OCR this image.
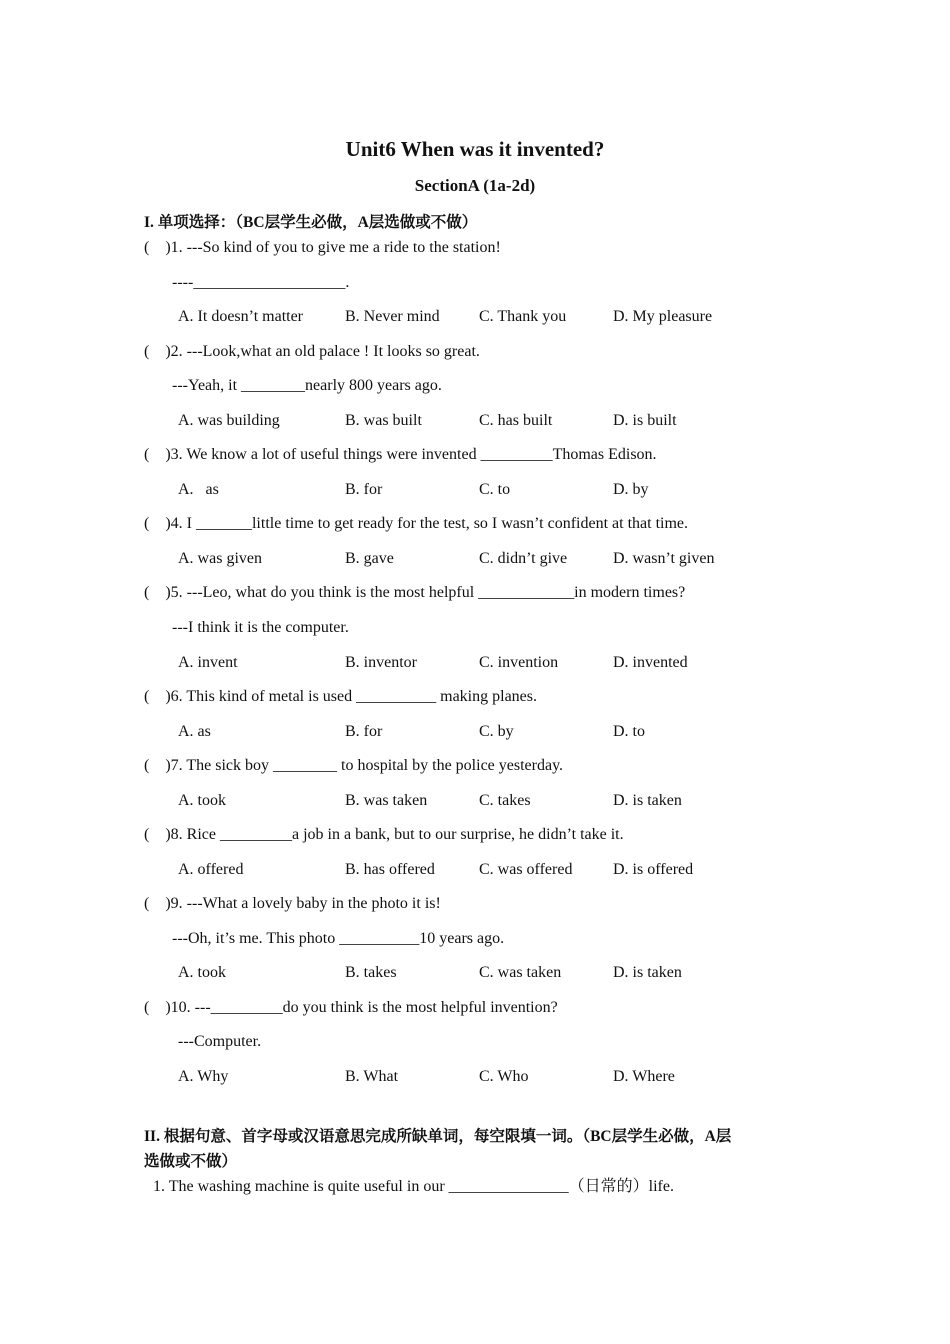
Unit6 When was it invented?
SectionA (1a-2d)
I. 单项选择：（BC层学生必做，A层选做或不做）
(    )1. ---So kind of you to give me a ride to the station!
----___________________.

A. It doesn’t matter

	B. Never mind

C. Thank you

	D. My pleasure

(    )2. ---Look,what an old palace ! It looks so great.
---Yeah, it ________nearly 800 years ago.

A. was building

	B. was built

	C. has built

	D. is built

(    )3. We know a lot of useful things were invented _________Thomas Edison.

A.   as

	B. for

	C. to

	D. by

(    )4. I _______little time to get ready for the test, so I wasn’t confident at that time.

A. was given

	B. gave

	C. didn’t give

	D. wasn’t given

(    )5. ---Leo, what do you think is the most helpful ____________in modern times?
---I think it is the computer.

A. invent

	B. inventor

	C. invention

	D. invented

(    )6. This kind of metal is used __________ making planes.

A. as

	B. for

	C. by

	D. to

(    )7. The sick boy ________ to hospital by the police yesterday.

A. took

	B. was taken

	C. takes

	D. is taken

(    )8. Rice _________a job in a bank, but to our surprise, he didn’t take it.

A. offered

	B. has offered

	C. was offered

	D. is offered

(    )9. ---What a lovely baby in the photo it is!
---Oh, it’s me. This photo __________10 years ago.

A. took

	B. takes

	C. was taken

	D. is taken

(    )10. ---_________do you think is the most helpful invention?
---Computer.

A. Why

	B. What

	C. Who

	D. Where

II. 根据句意、首字母或汉语意思完成所缺单词，每空限填一词。（BC层学生必做，A层
选做或不做）
1. The washing machine is quite useful in our _______________（日常的）life.
